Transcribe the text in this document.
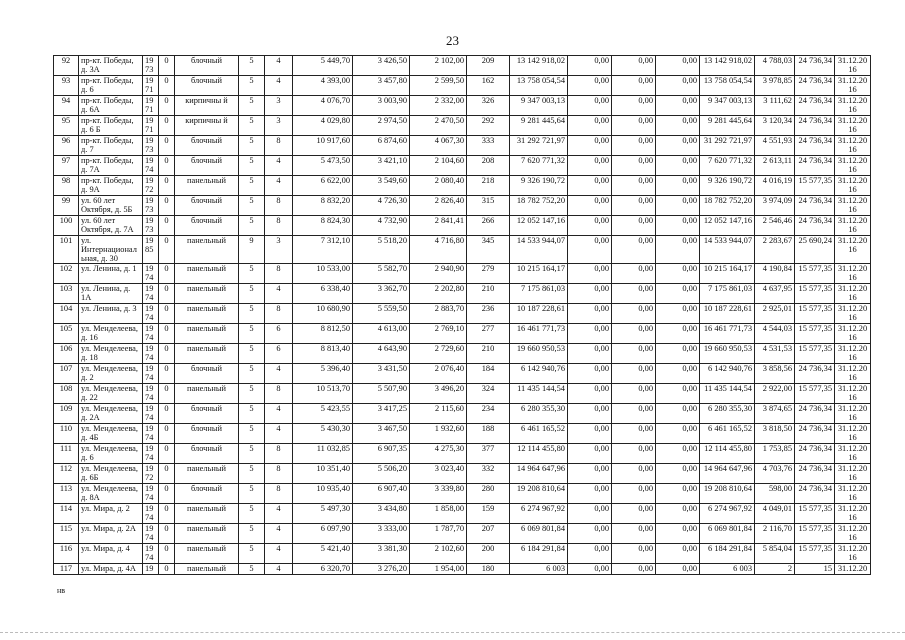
23
92	пр-кт. Победы, д. 3А	19 73	0	блочный	5	4	5 449,70	3 426,50	2 102,00	209	13 142 918,02	0,00	0,00	0,00	13 142 918,02	4 788,03	24 736,34	31.12.20 16
93	пр-кт. Победы, д. 6	19 71	0	блочный	5	4	4 393,00	3 457,80	2 599,50	162	13 758 054,54	0,00	0,00	0,00	13 758 054,54	3 978,85	24 736,34	31.12.20 16
94	пр-кт. Победы, д. 6А	19 71	0	кирпичны й	5	3	4 076,70	3 003,90	2 332,00	326	9 347 003,13	0,00	0,00	0,00	9 347 003,13	3 111,62	24 736,34	31.12.20 16
95	пр-кт. Победы, д. 6 Б	19 71	0	кирпичны й	5	3	4 029,80	2 974,50	2 470,50	292	9 281 445,64	0,00	0,00	0,00	9 281 445,64	3 120,34	24 736,34	31.12.20 16
96	пр-кт. Победы, д. 7	19 73	0	блочный	5	8	10 917,60	6 874,60	4 067,30	333	31 292 721,97	0,00	0,00	0,00	31 292 721,97	4 551,93	24 736,34	31.12.20 16
97	пр-кт. Победы, д. 7А	19 74	0	блочный	5	4	5 473,50	3 421,10	2 104,60	208	7 620 771,32	0,00	0,00	0,00	7 620 771,32	2 613,11	24 736,34	31.12.20 16
98	пр-кт. Победы, д. 9А	19 72	0	панельный	5	4	6 622,00	3 549,60	2 080,40	218	9 326 190,72	0,00	0,00	0,00	9 326 190,72	4 016,19	15 577,35	31.12.20 16
99	ул. 60 лет Октября, д. 5Б	19 73	0	блочный	5	8	8 832,20	4 726,30	2 826,40	315	18 782 752,20	0,00	0,00	0,00	18 782 752,20	3 974,09	24 736,34	31.12.20 16
100	ул. 60 лет Октября, д. 7А	19 73	0	блочный	5	8	8 824,30	4 732,90	2 841,41	266	12 052 147,16	0,00	0,00	0,00	12 052 147,16	2 546,46	24 736,34	31.12.20 16
101	ул. Интернационал ьная, д. 30	19 85	0	панельный	9	3	7 312,10	5 518,20	4 716,80	345	14 533 944,07	0,00	0,00	0,00	14 533 944,07	2 283,67	25 690,24	31.12.20 16
102	ул. Ленина, д. 1	19 74	0	панельный	5	8	10 533,00	5 582,70	2 940,90	279	10 215 164,17	0,00	0,00	0,00	10 215 164,17	4 190,84	15 577,35	31.12.20 16
103	ул. Ленина, д. 1А	19 74	0	панельный	5	4	6 338,40	3 362,70	2 202,80	210	7 175 861,03	0,00	0,00	0,00	7 175 861,03	4 637,95	15 577,35	31.12.20 16
104	ул. Ленина, д. 3	19 74	0	панельный	5	8	10 680,90	5 559,50	2 883,70	236	10 187 228,61	0,00	0,00	0,00	10 187 228,61	2 925,01	15 577,35	31.12.20 16
105	ул. Менделеева, д. 16	19 74	0	панельный	5	6	8 812,50	4 613,00	2 769,10	277	16 461 771,73	0,00	0,00	0,00	16 461 771,73	4 544,03	15 577,35	31.12.20 16
106	ул. Менделеева, д. 18	19 74	0	панельный	5	6	8 813,40	4 643,90	2 729,60	210	19 660 950,53	0,00	0,00	0,00	19 660 950,53	4 531,53	15 577,35	31.12.20 16
107	ул. Менделеева, д. 2	19 74	0	блочный	5	4	5 396,40	3 431,50	2 076,40	184	6 142 940,76	0,00	0,00	0,00	6 142 940,76	3 858,56	24 736,34	31.12.20 16
108	ул. Менделеева, д. 22	19 74	0	панельный	5	8	10 513,70	5 507,90	3 496,20	324	11 435 144,54	0,00	0,00	0,00	11 435 144,54	2 922,00	15 577,35	31.12.20 16
109	ул. Менделеева, д. 2А	19 74	0	блочный	5	4	5 423,55	3 417,25	2 115,60	234	6 280 355,30	0,00	0,00	0,00	6 280 355,30	3 874,65	24 736,34	31.12.20 16
110	ул. Менделеева, д. 4Б	19 74	0	блочный	5	4	5 430,30	3 467,50	1 932,60	188	6 461 165,52	0,00	0,00	0,00	6 461 165,52	3 818,50	24 736,34	31.12.20 16
111	ул. Менделеева, д. 6	19 74	0	блочный	5	8	11 032,85	6 907,35	4 275,30	377	12 114 455,80	0,00	0,00	0,00	12 114 455,80	1 753,85	24 736,34	31.12.20 16
112	ул. Менделеева, д. 6Б	19 72	0	панельный	5	8	10 351,40	5 506,20	3 023,40	332	14 964 647,96	0,00	0,00	0,00	14 964 647,96	4 703,76	24 736,34	31.12.20 16
113	ул. Менделеева, д. 8А	19 74	0	блочный	5	8	10 935,40	6 907,40	3 339,80	280	19 208 810,64	0,00	0,00	0,00	19 208 810,64	598,00	24 736,34	31.12.20 16
114	ул. Мира, д. 2	19 74	0	панельный	5	4	5 497,30	3 434,80	1 858,00	159	6 274 967,92	0,00	0,00	0,00	6 274 967,92	4 049,01	15 577,35	31.12.20 16
115	ул. Мира, д. 2А	19 74	0	панельный	5	4	6 097,90	3 333,00	1 787,70	207	6 069 801,84	0,00	0,00	0,00	6 069 801,84	2 116,70	15 577,35	31.12.20 16
116	ул. Мира, д. 4	19 74	0	панельный	5	4	5 421,40	3 381,30	2 102,60	200	6 184 291,84	0,00	0,00	0,00	6 184 291,84	5 854,04	15 577,35	31.12.20 16
117	ул. Мира, д. 4А	19	0	панельный	5	4	6 320,70	3 276,20	1 954,00	180	6 003	0,00	0,00	0,00	6 003	2	15	31.12.20
нв
